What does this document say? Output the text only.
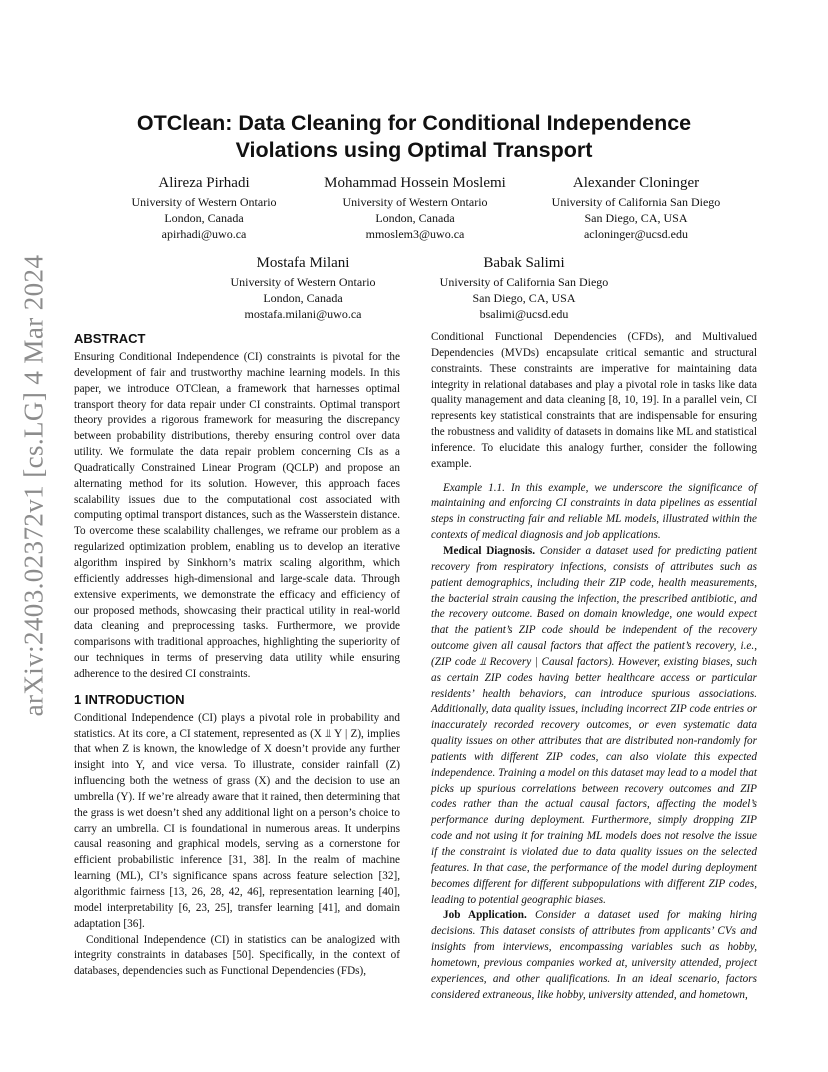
arXiv:2403.02372v1 [cs.LG] 4 Mar 2024
OTClean: Data Cleaning for Conditional Independence
Violations using Optimal Transport
Alireza Pirhadi
University of Western Ontario
London, Canada
apirhadi@uwo.ca
Mohammad Hossein Moslemi
University of Western Ontario
London, Canada
mmoslem3@uwo.ca
Alexander Cloninger
University of California San Diego
San Diego, CA, USA
acloninger@ucsd.edu
Mostafa Milani
University of Western Ontario
London, Canada
mostafa.milani@uwo.ca
Babak Salimi
University of California San Diego
San Diego, CA, USA
bsalimi@ucsd.edu
ABSTRACT

Ensuring Conditional Independence (CI) constraints is pivotal for the development of fair and trustworthy machine learning models. In this paper, we introduce OTClean, a framework that harnesses optimal transport theory for data repair under CI constraints. Optimal transport theory provides a rigorous framework for measuring the discrepancy between probability distributions, thereby ensuring control over data utility. We formulate the data repair problem concerning CIs as a Quadratically Constrained Linear Program (QCLP) and propose an alternating method for its solution. However, this approach faces scalability issues due to the computational cost associated with computing optimal transport distances, such as the Wasserstein distance. To overcome these scalability challenges, we reframe our problem as a regularized optimization problem, enabling us to develop an iterative algorithm inspired by Sinkhorn’s matrix scaling algorithm, which efficiently addresses high-dimensional and large-scale data. Through extensive experiments, we demonstrate the efficacy and efficiency of our proposed methods, showcasing their practical utility in real-world data cleaning and preprocessing tasks. Furthermore, we provide comparisons with traditional approaches, highlighting the superiority of our techniques in terms of preserving data utility while ensuring adherence to the desired CI constraints.

1 INTRODUCTION

Conditional Independence (CI) plays a pivotal role in probability and statistics. At its core, a CI statement, represented as (X ⫫ Y | Z), implies that when Z is known, the knowledge of X doesn’t provide any further insight into Y, and vice versa. To illustrate, consider rainfall (Z) influencing both the wetness of grass (X) and the decision to use an umbrella (Y). If we’re already aware that it rained, then determining that the grass is wet doesn’t shed any additional light on a person’s choice to carry an umbrella. CI is foundational in numerous areas. It underpins causal reasoning and graphical models, serving as a cornerstone for efficient probabilistic inference [31, 38]. In the realm of machine learning (ML), CI’s significance spans across feature selection [32], algorithmic fairness [13, 26, 28, 42, 46], representation learning [40], model interpretability [6, 23, 25], transfer learning [41], and domain adaptation [36].

Conditional Independence (CI) in statistics can be analogized with integrity constraints in databases [50]. Specifically, in the context of databases, dependencies such as Functional Dependencies (FDs),

Conditional Functional Dependencies (CFDs), and Multivalued Dependencies (MVDs) encapsulate critical semantic and structural constraints. These constraints are imperative for maintaining data integrity in relational databases and play a pivotal role in tasks like data quality management and data cleaning [8, 10, 19]. In a parallel vein, CI represents key statistical constraints that are indispensable for ensuring the robustness and validity of datasets in domains like ML and statistical inference. To elucidate this analogy further, consider the following example.

Example 1.1. In this example, we underscore the significance of maintaining and enforcing CI constraints in data pipelines as essential steps in constructing fair and reliable ML models, illustrated within the contexts of medical diagnosis and job applications.

Medical Diagnosis. Consider a dataset used for predicting patient recovery from respiratory infections, consists of attributes such as patient demographics, including their ZIP code, health measurements, the bacterial strain causing the infection, the prescribed antibiotic, and the recovery outcome. Based on domain knowledge, one would expect that the patient’s ZIP code should be independent of the recovery outcome given all causal factors that affect the patient’s recovery, i.e., (ZIP code ⫫ Recovery | Causal factors). However, existing biases, such as certain ZIP codes having better healthcare access or particular residents’ health behaviors, can introduce spurious associations. Additionally, data quality issues, including incorrect ZIP code entries or inaccurately recorded recovery outcomes, or even systematic data quality issues on other attributes that are distributed non-randomly for patients with different ZIP codes, can also violate this expected independence. Training a model on this dataset may lead to a model that picks up spurious correlations between recovery outcomes and ZIP codes rather than the actual causal factors, affecting the model’s performance during deployment. Furthermore, simply dropping ZIP code and not using it for training ML models does not resolve the issue if the constraint is violated due to data quality issues on the selected features. In that case, the performance of the model during deployment becomes different for different subpopulations with different ZIP codes, leading to potential geographic biases.

Job Application. Consider a dataset used for making hiring decisions. This dataset consists of attributes from applicants’ CVs and insights from interviews, encompassing variables such as hobby, hometown, previous companies worked at, university attended, project experiences, and other qualifications. In an ideal scenario, factors considered extraneous, like hobby, university attended, and hometown,
